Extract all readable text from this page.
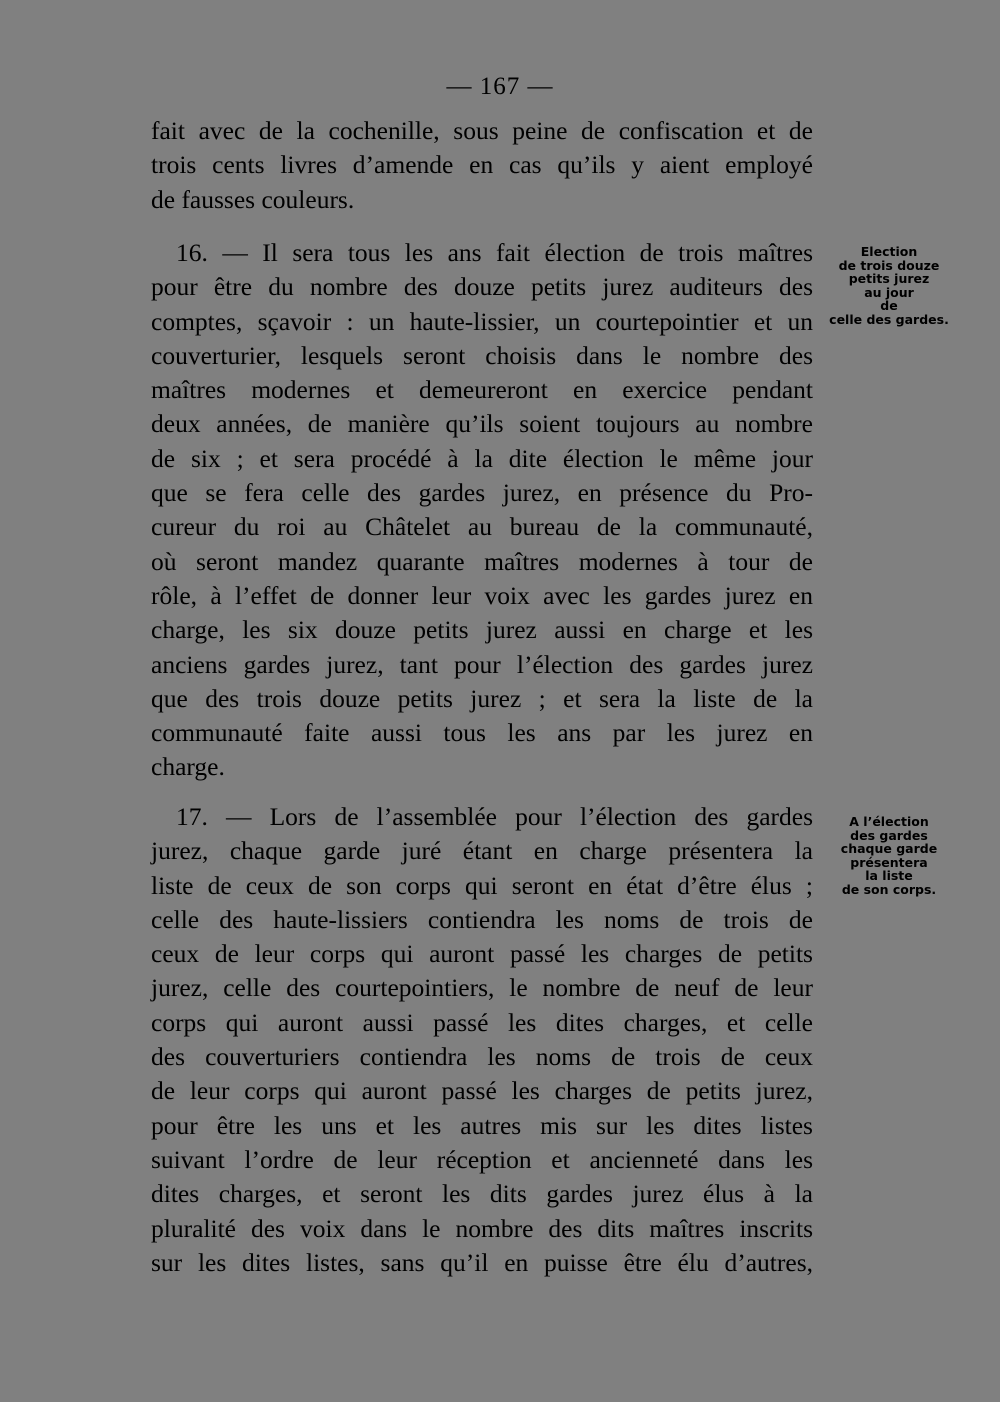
— 167 —
fait avec de la cochenille, sous peine de confiscation et de
trois cents livres d’amende en cas qu’ils y aient employé
de fausses couleurs.
16. — Il sera tous les ans fait élection de trois maîtres
pour être du nombre des douze petits jurez auditeurs des
comptes, sçavoir : un haute-lissier, un courtepointier et un
couverturier, lesquels seront choisis dans le nombre des
maîtres modernes et demeureront en exercice pendant
deux années, de manière qu’ils soient toujours au nombre
de six ; et sera procédé à la dite élection le même jour
que se fera celle des gardes jurez, en présence du Pro-
cureur du roi au Châtelet au bureau de la communauté,
où seront mandez quarante maîtres modernes à tour de
rôle, à l’effet de donner leur voix avec les gardes jurez en
charge, les six douze petits jurez aussi en charge et les
anciens gardes jurez, tant pour l’élection des gardes jurez
que des trois douze petits jurez ; et sera la liste de la
communauté faite aussi tous les ans par les jurez en
charge.
Election
de trois douze
petits jurez
au jour
de
celle des gardes.
17. — Lors de l’assemblée pour l’élection des gardes
jurez, chaque garde juré étant en charge présentera la
liste de ceux de son corps qui seront en état d’être élus ;
celle des haute-lissiers contiendra les noms de trois de
ceux de leur corps qui auront passé les charges de petits
jurez, celle des courtepointiers, le nombre de neuf de leur
corps qui auront aussi passé les dites charges, et celle
des couverturiers contiendra les noms de trois de ceux
de leur corps qui auront passé les charges de petits jurez,
pour être les uns et les autres mis sur les dites listes
suivant l’ordre de leur réception et ancienneté dans les
dites charges, et seront les dits gardes jurez élus à la
pluralité des voix dans le nombre des dits maîtres inscrits
sur les dites listes, sans qu’il en puisse être élu d’autres,
A l’élection
des gardes
chaque garde
présentera
la liste
de son corps.
